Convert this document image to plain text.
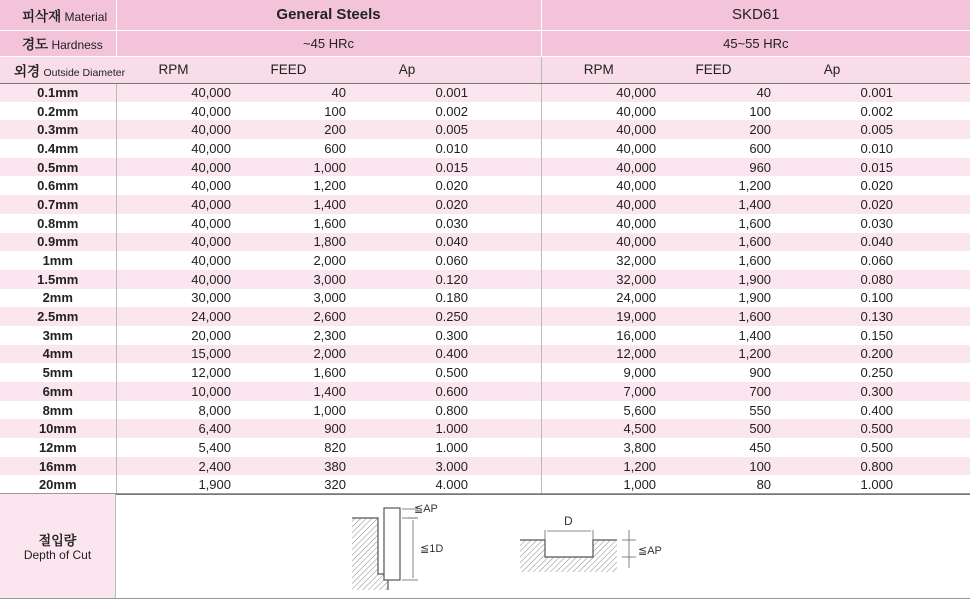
피삭재 Material	General Steels				SKD61			
경도 Hardness	~45 HRc				45~55 HRc			
외경 Outside Diameter	RPM	FEED	Ap		RPM	FEED	Ap	
0.1mm	40,000	40	0.001		40,000	40	0.001	
0.2mm	40,000	100	0.002		40,000	100	0.002	
0.3mm	40,000	200	0.005		40,000	200	0.005	
0.4mm	40,000	600	0.010		40,000	600	0.010	
0.5mm	40,000	1,000	0.015		40,000	960	0.015	
0.6mm	40,000	1,200	0.020		40,000	1,200	0.020	
0.7mm	40,000	1,400	0.020		40,000	1,400	0.020	
0.8mm	40,000	1,600	0.030		40,000	1,600	0.030	
0.9mm	40,000	1,800	0.040		40,000	1,600	0.040	
1mm	40,000	2,000	0.060		32,000	1,600	0.060	
1.5mm	40,000	3,000	0.120		32,000	1,900	0.080	
2mm	30,000	3,000	0.180		24,000	1,900	0.100	
2.5mm	24,000	2,600	0.250		19,000	1,600	0.130	
3mm	20,000	2,300	0.300		16,000	1,400	0.150	
4mm	15,000	2,000	0.400		12,000	1,200	0.200	
5mm	12,000	1,600	0.500		9,000	900	0.250	
6mm	10,000	1,400	0.600		7,000	700	0.300	
8mm	8,000	1,000	0.800		5,600	550	0.400	
10mm	6,400	900	1.000		4,500	500	0.500	
12mm	5,400	820	1.000		3,800	450	0.500	
16mm	2,400	380	3.000		1,200	100	0.800	
20mm	1,900	320	4.000		1,000	80	1.000	
절입량
Depth of Cut
≦AP
≦1D
D
≦AP
